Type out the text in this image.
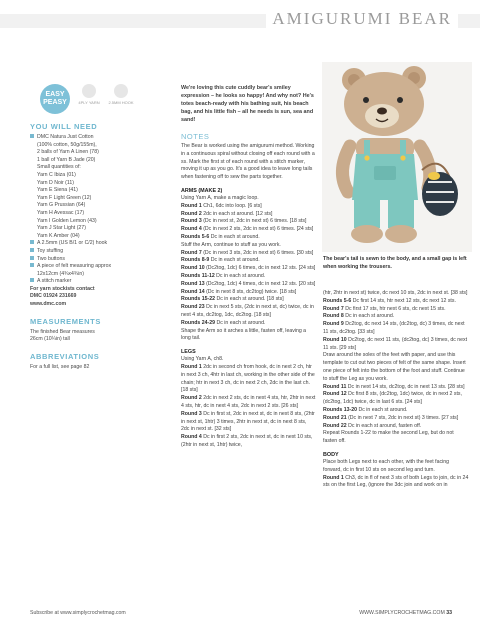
AMIGURUMI BEAR
EASY PEASY	4PLY YARN 2.5MM HOOK
YOU WILL NEED

DMC Natura Just Cotton

(100% cotton, 50g/155m),

2 balls of Yarn A Linen (78)

1 ball of Yarn B Jade (20)

Small quantities of:

Yarn C Ibiza (01)

Yarn D Noir (11)

Yarn E Siena (41)

Yarn F Light Green (12)

Yarn G Prussian (64)

Yarn H Avessac (17)

Yarn I Golden Lemon (43)

Yarn J Star Light (27)

Yarn K Amber (04)

A 2.5mm (US B/1 or C/2) hook

Toy stuffing

Two buttons

A piece of felt measuring approx

12x12cm (4¾x4¾in)

A stitch marker

For yarn stockists contact

DMC 01924 231669

www.dmc.com

MEASUREMENTS

The finished Bear measures

26cm (10¼in) tall

ABBREVIATIONS

For a full list, see page 82

We're loving this cute cuddly bear's smiley expression – he looks so happy! And why not? He's totes beach-ready with his bathing suit, his beach bag, and his little fish – all he needs is sun, sea and sand!

NOTES

The Bear is worked using the amigurumi method. Working in a continuous spiral without closing off each round with a ss. Mark the first st of each round with a stitch marker, moving it up as you go. It's a good idea to leave long tails when fastening off to sew the parts together.

ARMS (MAKE 2)

Using Yarn A, make a magic loop.

Round 1 Ch1, 6dc into loop. [6 sts]

Round 2 2dc in each st around. [12 sts]

Round 3 (Dc in next st, 2dc in next st) 6 times. [18 sts]

Round 4 (Dc in next 2 sts, 2dc in next st) 6 times. [24 sts]

Rounds 5-6 Dc in each st around.

Stuff the Arm, continue to stuff as you work.

Round 7 (Dc in next 3 sts, 2dc in next st) 6 times. [30 sts]

Rounds 8-9 Dc in each st around.

Round 10 (Dc2tog, 1dc) 6 times, dc in next 12 sts. [24 sts]

Rounds 11-12 Dc in each st around.

Round 13 (Dc2tog, 1dc) 4 times, dc in next 12 sts. [20 sts]

Round 14 (Dc in next 8 sts, dc2tog) twice. [18 sts]

Rounds 15-22 Dc in each st around. [18 sts]

Round 23 Dc in next 5 sts, (2dc in next st, dc) twice, dc in next 4 sts, dc2tog, 1dc, dc2tog. [18 sts]

Rounds 24-29 Dc in each st around.

Shape the Arm so it arches a little, fasten off, leaving a long tail.

LEGS

Using Yarn A, ch8.

Round 1 2dc in second ch from hook, dc in next 2 ch, htr in next 3 ch, 4htr in last ch, working in the other side of the chain; htr in next 3 ch, dc in next 2 ch, 2dc in the last ch. [18 sts]

Round 2 2dc in next 2 sts, dc in next 4 sts, htr, 2htr in next 4 sts, htr, dc in next 4 sts, 2dc in next 2 sts. [26 sts]

Round 3 Dc in first st, 2dc in next st, dc in next 8 sts, (2htr in next st, 1htr) 3 times, 2htr in next st, dc in next 8 sts, 2dc in next st. [32 sts]

Round 4 Dc in first 2 sts, 2dc in next st, dc in next 10 sts, (2htr in next st, 1htr) twice,

The bear's tail is sewn to the body, and a small gap is left when working the trousers.

(htr, 2htr in next st) twice, dc next 10 sts, 2dc in next st. [38 sts]

Rounds 5-6 Dc first 14 sts, htr next 12 sts, dc next 12 sts.

Round 7 Dc first 17 sts, htr next 6 sts, dc next 15 sts.

Round 8 Dc in each st around.

Round 9 Dc2tog, dc next 14 sts, (dc2tog, dc) 3 times, dc next 11 sts, dc2tog. [33 sts]

Round 10 Dc2tog, dc next 11 sts, (dc2tog, dc) 3 times, dc next 11 sts. [29 sts]

Draw around the soles of the feet with paper, and use this template to cut out two pieces of felt of the same shape. Insert one piece of felt into the bottom of the foot and stuff. Continue to stuff the Leg as you work.

Round 11 Dc in next 14 sts, dc2tog, dc in next 13 sts. [28 sts]

Round 12 Dc first 8 sts, (dc2tog, 1dc) twice, dc in next 2 sts, (dc2tog, 1dc) twice, dc in last 6 sts. [24 sts]

Rounds 13-20 Dc in each st around.

Round 21 (Dc in next 7 sts, 2dc in next st) 3 times. [27 sts]

Round 22 Dc in each st around, fasten off.

Repeat Rounds 1-22 to make the second Leg, but do not fasten off.

BODY

Place both Legs next to each other, with the feet facing forward, dc in first 10 sts on second leg and turn.

Round 1 Ch3, dc in fl of next 3 sts of both Legs to join, dc in 24 sts on the first Leg, (ignore the 3dc join and work on in

Subscribe at www.simplycrochetmag.com	WWW.SIMPLYCROCHETMAG.COM 33
